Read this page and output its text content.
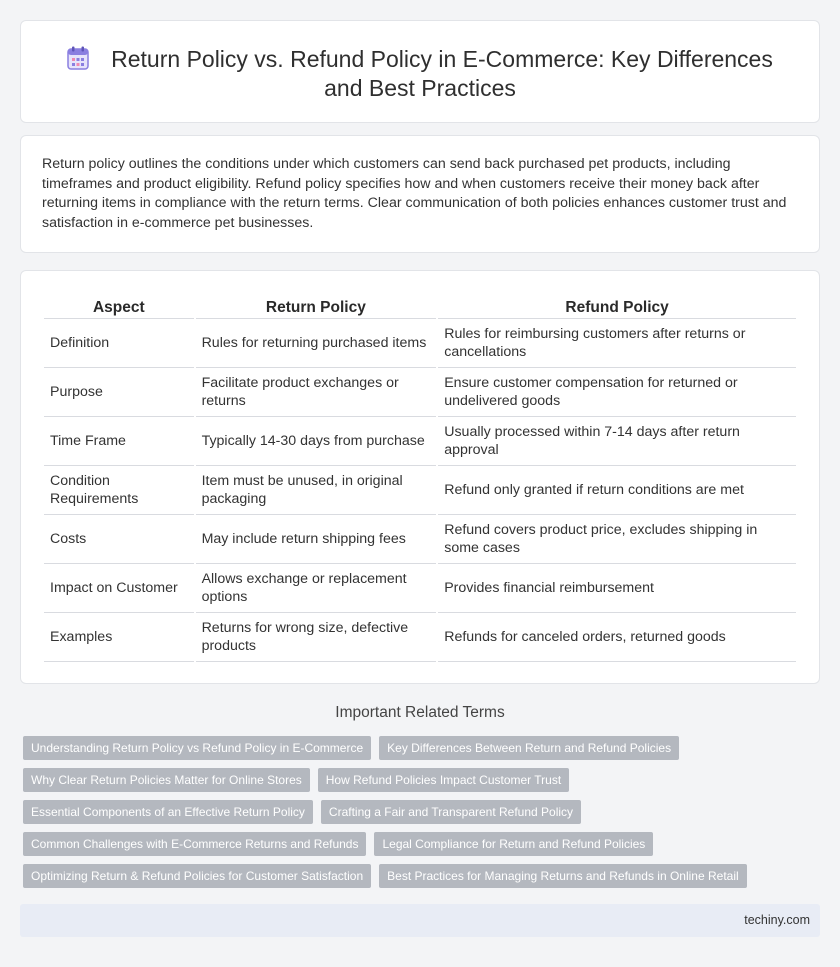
Return Policy vs. Refund Policy in E-Commerce: Key Differences and Best Practices

Return policy outlines the conditions under which customers can send back purchased pet products, including timeframes and product eligibility. Refund policy specifies how and when customers receive their money back after returning items in compliance with the return terms. Clear communication of both policies enhances customer trust and satisfaction in e-commerce pet businesses.

Aspect	Return Policy	Refund Policy
Definition	Rules for returning purchased items	Rules for reimbursing customers after returns or cancellations
Purpose	Facilitate product exchanges or returns	Ensure customer compensation for returned or undelivered goods
Time Frame	Typically 14-30 days from purchase	Usually processed within 7-14 days after return approval
Condition Requirements	Item must be unused, in original packaging	Refund only granted if return conditions are met
Costs	May include return shipping fees	Refund covers product price, excludes shipping in some cases
Impact on Customer	Allows exchange or replacement options	Provides financial reimbursement
Examples	Returns for wrong size, defective products	Refunds for canceled orders, returned goods
Important Related Terms
Understanding Return Policy vs Refund Policy in E-Commerce	Key Differences Between Return and Refund Policies
Why Clear Return Policies Matter for Online Stores	How Refund Policies Impact Customer Trust
Essential Components of an Effective Return Policy	Crafting a Fair and Transparent Refund Policy
Common Challenges with E-Commerce Returns and Refunds	Legal Compliance for Return and Refund Policies
Optimizing Return & Refund Policies for Customer Satisfaction	Best Practices for Managing Returns and Refunds in Online Retail
techiny.com
